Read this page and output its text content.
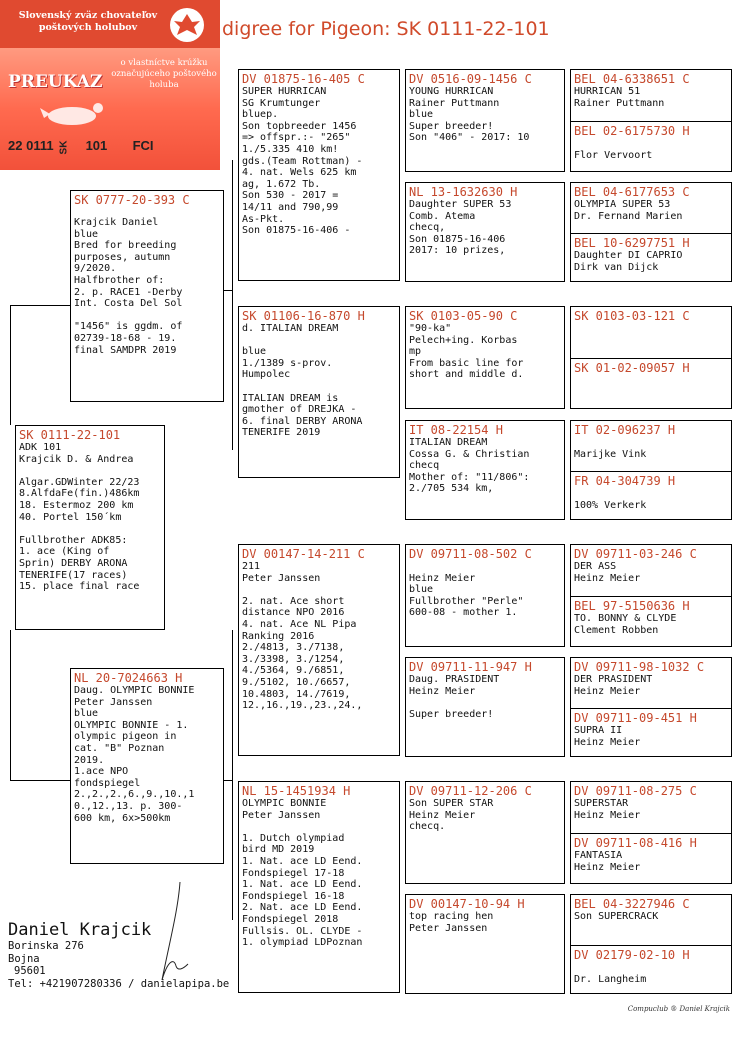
Slovenský zväz chovateľov poštových holubov
PREUKAZ
o vlastníctve krúžku označujúceho poštového holuba
22 0111 SK 101 FCI
digree for Pigeon: SK 0111-22-101
SK 0111-22-101
ADK 101
Krajcik D. & Andrea

Algar.GDWinter 22/23
8.AlfdaFe(fin.)486km
18. Estermoz 200 km
40. Portel 150´km

Fullbrother ADK85:
1. ace (King of
Sprin) DERBY ARONA
TENERIFE(17 races)
15. place final race
SK 0777-20-393 C
Krajcik Daniel
blue
Bred for breeding
purposes, autumn
9/2020.
Halfbrother of:
2. p. RACE1 -Derby
Int. Costa Del Sol

"1456" is ggdm. of
02739-18-68 - 19.
final SAMDPR 2019
NL 20-7024663 H
Daug. OLYMPIC BONNIE
Peter Janssen
blue
OLYMPIC BONNIE - 1.
olympic pigeon in
cat. "B" Poznan
2019.
1.ace NPO
fondspiegel
2.,2.,2.,6.,9.,10.,1
0.,12.,13. p. 300-
600 km, 6x>500km
DV 01875-16-405 C
SUPER HURRICAN
SG Krumtunger
bluep.
Son topbreeder 1456
=> offspr.:- "265"
1./5.335 410 km!
gds.(Team Rottman) -
4. nat. Wels 625 km
ag, 1.672 Tb.
Son 530 - 2017 =
14/11 and 790,99
As-Pkt.
Son 01875-16-406 -
SK 01106-16-870 H
d. ITALIAN DREAM

blue
1./1389 s-prov.
Humpolec

ITALIAN DREAM is
gmother of DREJKA -
6. final DERBY ARONA
TENERIFE 2019
DV 00147-14-211 C
211
Peter Janssen

2. nat. Ace short
distance NPO 2016
4. nat. Ace NL Pipa
Ranking 2016
2./4813, 3./7138,
3./3398, 3./1254,
4./5364, 9./6851,
9./5102, 10./6657,
10.4803, 14./7619,
12.,16.,19.,23.,24.,
NL 15-1451934 H
OLYMPIC BONNIE
Peter Janssen

1. Dutch olympiad
bird MD 2019
1. Nat. ace LD Eend.
Fondspiegel 17-18
1. Nat. ace LD Eend.
Fondspiegel 16-18
2. Nat. ace LD Eend.
Fondspiegel 2018
Fullsis. OL. CLYDE -
1. olympiad LDPoznan
DV 0516-09-1456 C
YOUNG HURRICAN
Rainer Puttmann
blue
Super breeder!
Son "406" - 2017: 10
NL 13-1632630 H
Daughter SUPER 53
Comb. Atema
checq,
Son 01875-16-406
2017: 10 prizes,
SK 0103-05-90 C
"90-ka"
Pelech+ing. Korbas
mp
From basic line for
short and middle d.
IT 08-22154 H
ITALIAN DREAM
Cossa G. & Christian
checq
Mother of: "11/806":
2./705 534 km,
DV 09711-08-502 C

Heinz Meier
blue
Fullbrother "Perle"
600-08 - mother 1.
DV 09711-11-947 H
Daug. PRASIDENT
Heinz Meier

Super breeder!
DV 09711-12-206 C
Son SUPER STAR
Heinz Meier
checq.
DV 00147-10-94 H
top racing hen
Peter Janssen
BEL 04-6338651 C
HURRICAN 51
Rainer Puttmann
BEL 02-6175730 H

Flor Vervoort
BEL 04-6177653 C
OLYMPIA SUPER 53
Dr. Fernand Marien
BEL 10-6297751 H
Daughter DI CAPRIO
Dirk van Dijck
SK 0103-03-121 C
SK 01-02-09057 H
IT 02-096237 H

Marijke Vink
FR 04-304739 H

100% Verkerk
DV 09711-03-246 C
DER ASS
Heinz Meier
BEL 97-5150636 H
TO. BONNY & CLYDE
Clement Robben
DV 09711-98-1032 C
DER PRASIDENT
Heinz Meier
DV 09711-09-451 H
SUPRA II
Heinz Meier
DV 09711-08-275 C
SUPERSTAR
Heinz Meier
DV 09711-08-416 H
FANTASIA
Heinz Meier
BEL 04-3227946 C
Son SUPERCRACK
DV 02179-02-10 H

Dr. Langheim
Daniel Krajcik
Borinska 276
Bojna
95601
Tel: +421907280336 / danielapipa.be
Compuclub ® Daniel Krajcik
